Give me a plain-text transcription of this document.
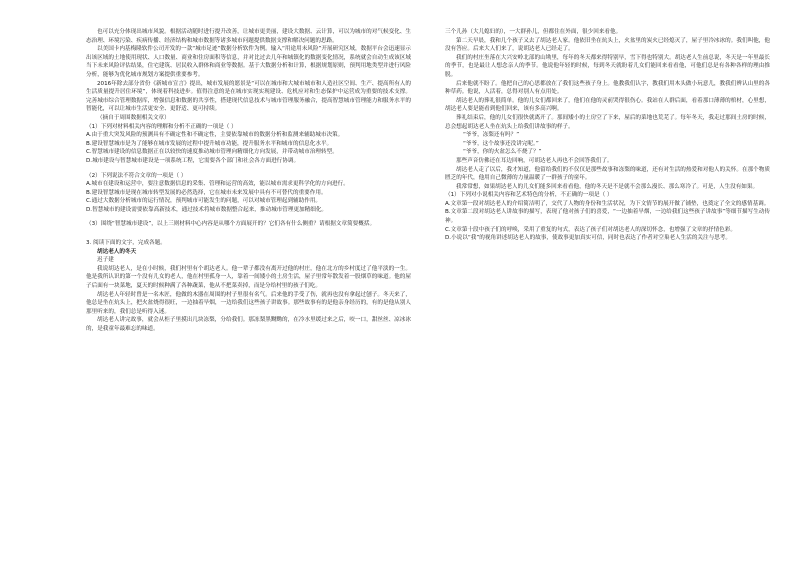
也可以充分体现出城市风貌。根据活动随时进行提升改善，让城市更美丽，建设大数据、云计算，可以为城市的对气候变化、生态治理、环境污染、疾病传播、经济结构和城市数据等诸多城市问题提供数据支撑和解决问题的思路。

以美国卡内基梅隆软件公司开发的一款“城市足迹”数据分析软件为例。输入“用途用未风险”开展研究区域，数据平台会迅速显示出该区域的土地使用现状、人口数量、商业和住房面积等信息，并对比过去几年和城镇化的数据变化情况，系统就会自动生成该区域当下未来风险评估结果，住宅建筑、居民收入群体和商业等数据。基于大数据分析和计算，根据规划原则，预判用地类型并进行风险分析，能够为优化城市规划方案提供重要参考。

2016年除去部分省份《新城市宣言》提出，城市发展的愿景是“可以在城市和大城市城市和人造社区空间、生产、提高所有人的生活质量提升居住环境”，体现着科技进步。值得注意的是在城市实现实现建设、危机应对和生态保护中运营成为重要的技术支撑。完善城市综合管理数据库，增强信息和数据的共享性，搭建现代信息技术与城市管理服务融合，提高智慧城市管理能力和服务水平的智能化，可以让城市生活更安全、更舒适、更可持续。

（摘自于周围数据相关文章）

（1）下列对材料相关内容的理解和分析不正确的一项是（ ）

A.由于重大突发风险的预测具有不确定性和不确定性，主要依靠城市的数据分析和监测来辅助城市决策。

B.建设智慧城市是为了能够在城市发展的过程中提升城市功能，提升服务水平和城市的信息化水平。

C.智慧城市建设的信息数据正在以较快的速度推动城市管理向精细化方向发展，并带动城市治理转型。

D.城市建设与智慧城市建设是一项系统工程，它需要各个部门和社会各方面进行协调。

（2）下列说法不符合文章的一项是（ ）

A.城市在建设和运营中，要注意数据信息的采集、管理和运营的高效，能以城市需求更科学化的方向进行。

B.建设智慧城市是现在城市转型发展的必然选择，它在城市未来发展中具有不可替代的重要作用。

C.通过大数据分析城市的运行情况，预判城市可能发生的问题，可以对城市管理起到辅助作用。

D.智慧城市的建设需要依靠高新技术，通过技术将城市数据整合起来，推动城市管理更加精细化。

（3）围绕“智慧城市建设”，以上三则材料中心内容是从哪个方面展开的？它们各有什么侧重？请根据文章简要概括。

3. 阅读下面的文字，完成各题。

胡达老人的冬天

迟子建

我说胡达老人，是在小时候，我们村里有个胡达老人。他一辈子都没有离开过他的村庄，他在北方的乡村度过了他平淡的一生。他是我所认识的第一个没有儿女的老人，他在村里孤身一人，靠着一间矮小的土房生活，屋子里常年散发着一股烟草的味道。他的屋子后面有一块菜地，夏天的时候种满了各种蔬菜，他从不把菜卖掉，而是分给村里的孩子们吃。

胡达老人年轻时曾是一名木匠，他做的木器在周围的村子里很有名气。后来他的手受了伤，就再也没有拿起过刨子。冬天来了，他总是坐在炕头上，把火盆烧得很旺，一边抽着旱烟，一边给我们这些孩子讲故事。那些故事有的是他亲身经历的，有的是他从别人那里听来的，我们总是听得入迷。

胡达老人讲完故事，就会从柜子里摸出几块冻梨，分给我们。那冻梨黑黝黝的，在冷水里缓过来之后，咬一口，甜丝丝、凉冰冰的，是我童年最难忘的味道。

三个儿孙（大儿媳妇的），一大群孙儿，但都住在外面，很少回来看他。

第二天早晨，我和几个孩子又去了胡达老人家。他依旧坐在炕头上，火盆里的炭火已经熄灭了，屋子里冷冰冰的。我们叫他，他没有答应。后来大人们来了，说胡达老人已经走了。

我们的村庄坐落在大兴安岭北部的山坳里，每年的冬天都来得特别早，雪下得也特别大。胡达老人生前总说，冬天是一年里最长的季节，也是最让人想念亲人的季节。他说他年轻的时候，每到冬天就盼着儿女们能回来看看他，可他们总是有各种各样的理由推脱。

后来他就不盼了。他把自己的心思都放在了我们这些孩子身上。他教我们认字，教我们用木头做小玩意儿，教我们辨认山里的各种草药。他说，人活着，总得对别人有点用处。

胡达老人的葬礼很简单。他的儿女们都回来了，他们在他的灵前哭得很伤心。我站在人群后面，看着那口薄薄的棺材，心里想，胡达老人要是能看到他们回来，该有多高兴啊。

葬礼结束后，他的儿女们很快就离开了。那间矮小的土房空了下来，屋后的菜地也荒芜了。每年冬天，我走过那间土房的时候，总会想起胡达老人坐在炕头上给我们讲故事的样子。

“爷爷，冻梨还有吗？”

“爷爷，这个故事还没讲完呢。”

“爷爷，你的火盆怎么不烧了？”

那些声音仿佛还在耳边回响，可胡达老人再也不会回答我们了。

胡达老人走了以后，我才知道，他留给我们的不仅仅是那些故事和冻梨的味道，还有对生活的热爱和对他人的关怀。在那个物质匮乏的年代，他用自己微薄的力量温暖了一群孩子的童年。

我常常想，如果胡达老人的儿女们能多回来看看他，他的冬天是不是就不会那么漫长、那么寒冷了。可是，人生没有如果。

（1）下列对小说相关内容和艺术特色的分析，不正确的一项是（ ）

A.文章第一段对胡达老人的介绍简洁明了，交代了人物的身份和生活状况，为下文情节的展开做了铺垫，也奠定了全文的感情基调。

B.文章第二段对胡达老人讲故事的描写，表现了他对孩子们的喜爱，“一边抽着旱烟，一边给我们这些孩子讲故事”等细节描写生动传神。

C.文章第十段中孩子们的呼唤，采用了重复的句式，表达了孩子们对胡达老人的深切怀念，也增强了文章的抒情色彩。

D.小说以“我”的视角讲述胡达老人的故事，使故事更加真实可信，同时也表达了作者对空巢老人生活的关注与思考。
